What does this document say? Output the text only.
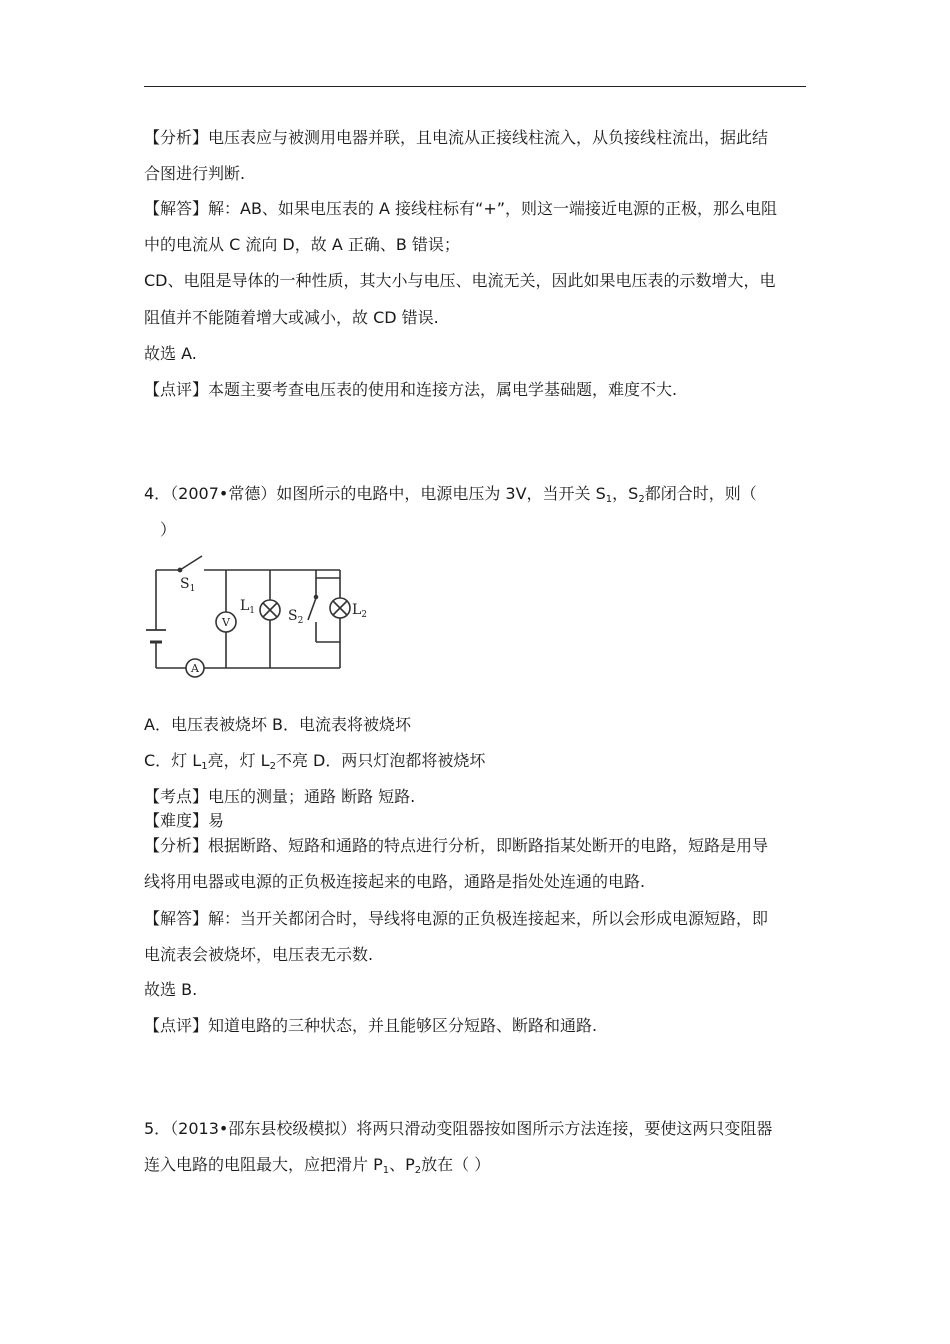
【分析】电压表应与被测用电器并联，且电流从正接线柱流入，从负接线柱流出，据此结
合图进行判断.
【解答】解：AB、如果电压表的 A 接线柱标有“+”，则这一端接近电源的正极，那么电阻
中的电流从 C 流向 D，故 A 正确、B 错误；
CD、电阻是导体的一种性质，其大小与电压、电流无关，因此如果电压表的示数增大，电
阻值并不能随着增大或减小，故 CD 错误.
故选 A.
【点评】本题主要考查电压表的使用和连接方法，属电学基础题，难度不大.
4．（2007•常德）如图所示的电路中，电源电压为 3V，当开关 $S_1$，$S_2$都闭合时，则（
）
$S_1$
$L_1$ $S_2$
$L_2$
V
A
A．电压表被烧坏 B．电流表将被烧坏
C．灯 $L_1$亮，灯 $L_2$不亮 D．两只灯泡都将被烧坏
【考点】电压的测量；通路 断路 短路.
【难度】易
【分析】根据断路、短路和通路的特点进行分析，即断路指某处断开的电路，短路是用导
线将用电器或电源的正负极连接起来的电路，通路是指处处连通的电路.
【解答】解：当开关都闭合时，导线将电源的正负极连接起来，所以会形成电源短路，即
电流表会被烧坏，电压表无示数.
故选 B.
【点评】知道电路的三种状态，并且能够区分短路、断路和通路.
5．（2013•邵东县校级模拟）将两只滑动变阻器按如图所示方法连接，要使这两只变阻器
连入电路的电阻最大，应把滑片 $P_1$、$P_2$放在（ ）
